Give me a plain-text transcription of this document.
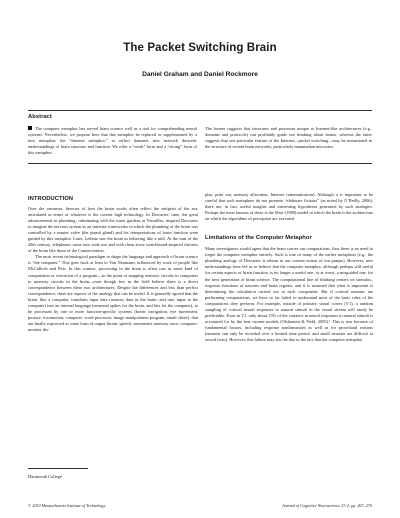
The Packet Switching Brain
Daniel Graham and Daniel Rockmore
Abstract

The computer metaphor has served brain science well as a tool for comprehending neural systems. Nevertheless, we propose here that this metaphor be replaced or supplemented by a new metaphor, the “Internet metaphor,” to reflect dramatic new network theoretic understandings of brain structure and function. We offer a “weak” form and a “strong” form of this metaphor.

The former suggests that structures and processes unique to Internet-like architectures (e.g., domains and protocols) can profitably guide our thinking about brains, whereas the latter suggests that one particular feature of the Internet—packet switching—may be instantiated in the structure of certain brain networks, particularly mammalian neocortex.

INTRODUCTION

Over the centuries, theories of how the brain works often reflect the zeitgeist of the era, articulated in terms of whatever is the current high technology. In Descartes’ time, the great advancements in plumbing, culminating with the water gardens at Versailles, inspired Descartes to imagine the nervous system as an intricate waterworks in which the plumbing of the brain was controlled by a master valve (the pineal gland) and his interpretations of brain function were guided by this metaphor. Later, Leibniz saw the brain as behaving like a mill. At the turn of the 20th century, telephones came into wide use and with them arose switchboard-inspired theories of the brain like those of the Connectionists.

The most recent technological paradigm to shape the language and approach of brain science is “the computer.” This goes back at least to Von Neumann, influenced by work of people like McCulloch and Pitts. In this context, processing in the brain is often cast as some kind of computation or execution of a program—to the point of mapping memory circuits in computers to memory circuits in the brain—even though few in the field believe there is a direct correspondence between these two architectures. Despite the differences and less than perfect correspondence, there are aspects of the analogy that can be useful. It is generally agreed that the brain, like a computer, translates input data (sensory data in the brain, and user input in the computer) into an internal language (neuronal spikes for the brain, and bits for the computer), to be processed by one or more function-specific systems (brain: navigation, eye movement, posture, locomotion; computer: word processor, image manipulation program, email client), that are finally expressed as some form of output (brain: speech, movement, memory trace; computer: monitor dis-

play, print out, memory allocation, Internet communication). Although it is important to be careful that such metaphors do not promote “elaborate fictions” (as noted by O’Reilly, 2006), there are, in fact, useful insights and interesting hypotheses generated by such analogies. Perhaps the most famous of these is the Marr (1980) model in which the brain is the architecture on which the algorithms of perception are executed.

Limitations of the Computer Metaphor

Many investigators would agree that the brain carries out computations, thus there is no need to forget the computer metaphor entirely. Such is true of many of the earlier metaphors (e.g., the plumbing analogy of Descartes is reborn in our current notion of ion pumps). However, new understandings have led us to believe that the computer metaphor, although perhaps still useful for certain aspects of brain function, is no longer a useful one, or at worst, a misguided one, for the next generation of brain science. The computational line of thinking centers on stimulus–response functions of neurons and brain regions, and it is assumed that what is important is determining the calculation carried out in each component. But if cortical neurons are performing computations, we have so far failed to understand most of the basic rules of the computations they perform. For example, outside of primary visual cortex (V1), a random sampling of cortical neural responses to natural stimuli in the visual stream will rarely be predictable. Even in V1, only about 15% of the variance in neural responses to natural stimuli is accounted for by the best current models (Olshausen & Field, 2005).¹ This is true because of fundamental factors, including response nonlinearities as well as for procedural reasons (neurons can only be recorded over a limited time period, and small neurons are difficult to record from). However, this failure may also be due to the fact that the computer metaphor

Dartmouth College
© 2010 Massachusetts Institute of Technology	Journal of Cognitive Neuroscience 23:2, pp. 267–276
